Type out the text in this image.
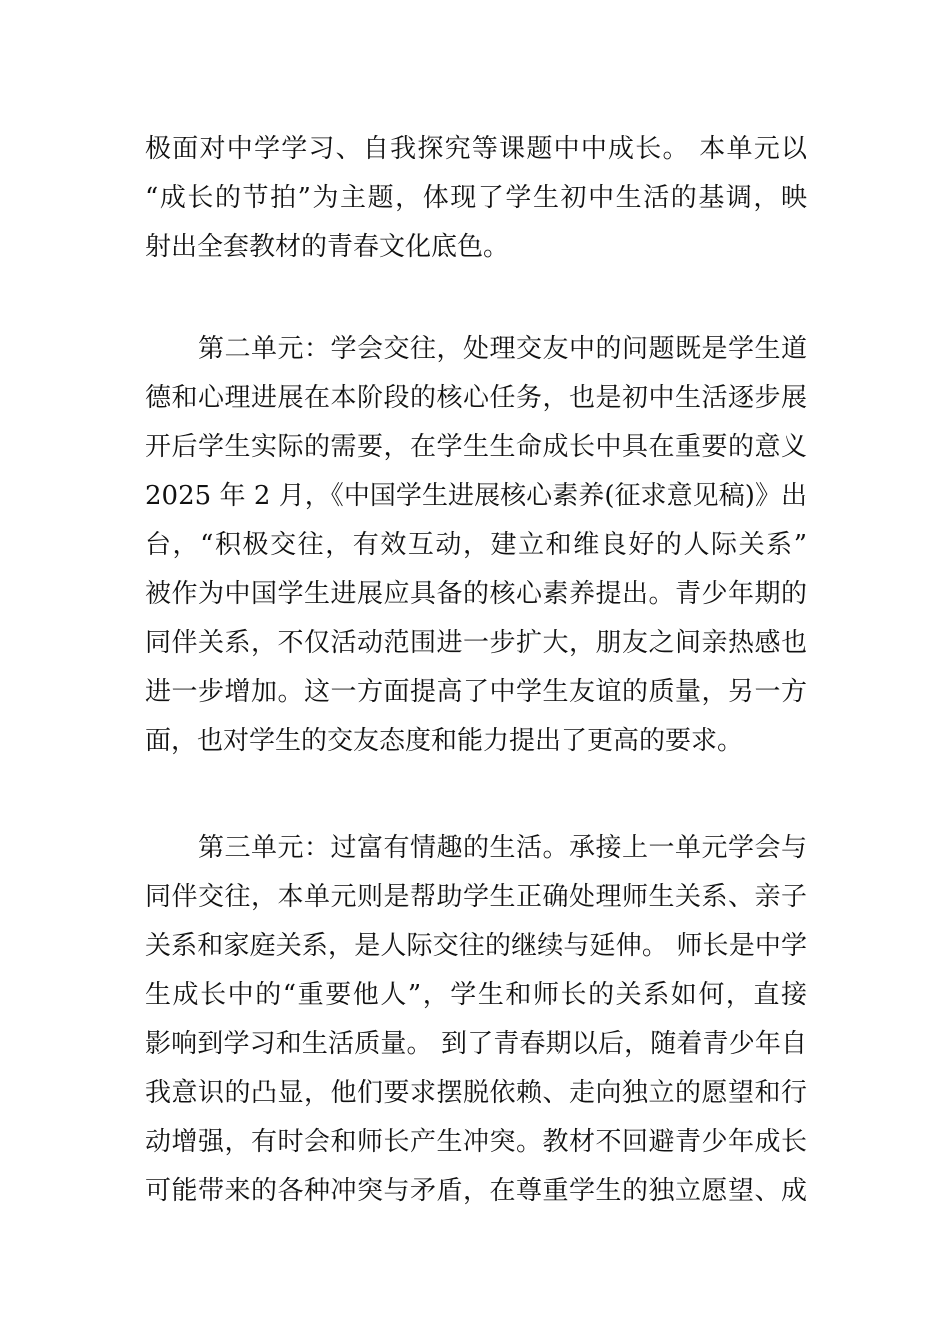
极面对中学学习、自我探究等课题中中成长。 本单元以
“成长的节拍”为主题，体现了学生初中生活的基调，映
射出全套教材的青春文化底色。
　　第二单元：学会交往，处理交友中的问题既是学生道
德和心理进展在本阶段的核心任务，也是初中生活逐步展
开后学生实际的需要，在学生生命成长中具在重要的意义
2025 年 2 月，《中国学生进展核心素养(征求意见稿)》出
台，“积极交往，有效互动，建立和维良好的人际关系”
被作为中国学生进展应具备的核心素养提出。青少年期的
同伴关系，不仅活动范围进一步扩大，朋友之间亲热感也
进一步增加。这一方面提高了中学生友谊的质量，另一方
面，也对学生的交友态度和能力提出了更高的要求。
　　第三单元：过富有情趣的生活。承接上一单元学会与
同伴交往，本单元则是帮助学生正确处理师生关系、亲子
关系和家庭关系，是人际交往的继续与延伸。 师长是中学
生成长中的“重要他人”，学生和师长的关系如何，直接
影响到学习和生活质量。 到了青春期以后，随着青少年自
我意识的凸显，他们要求摆脱依赖、走向独立的愿望和行
动增强，有时会和师长产生冲突。教材不回避青少年成长
可能带来的各种冲突与矛盾，在尊重学生的独立愿望、成
